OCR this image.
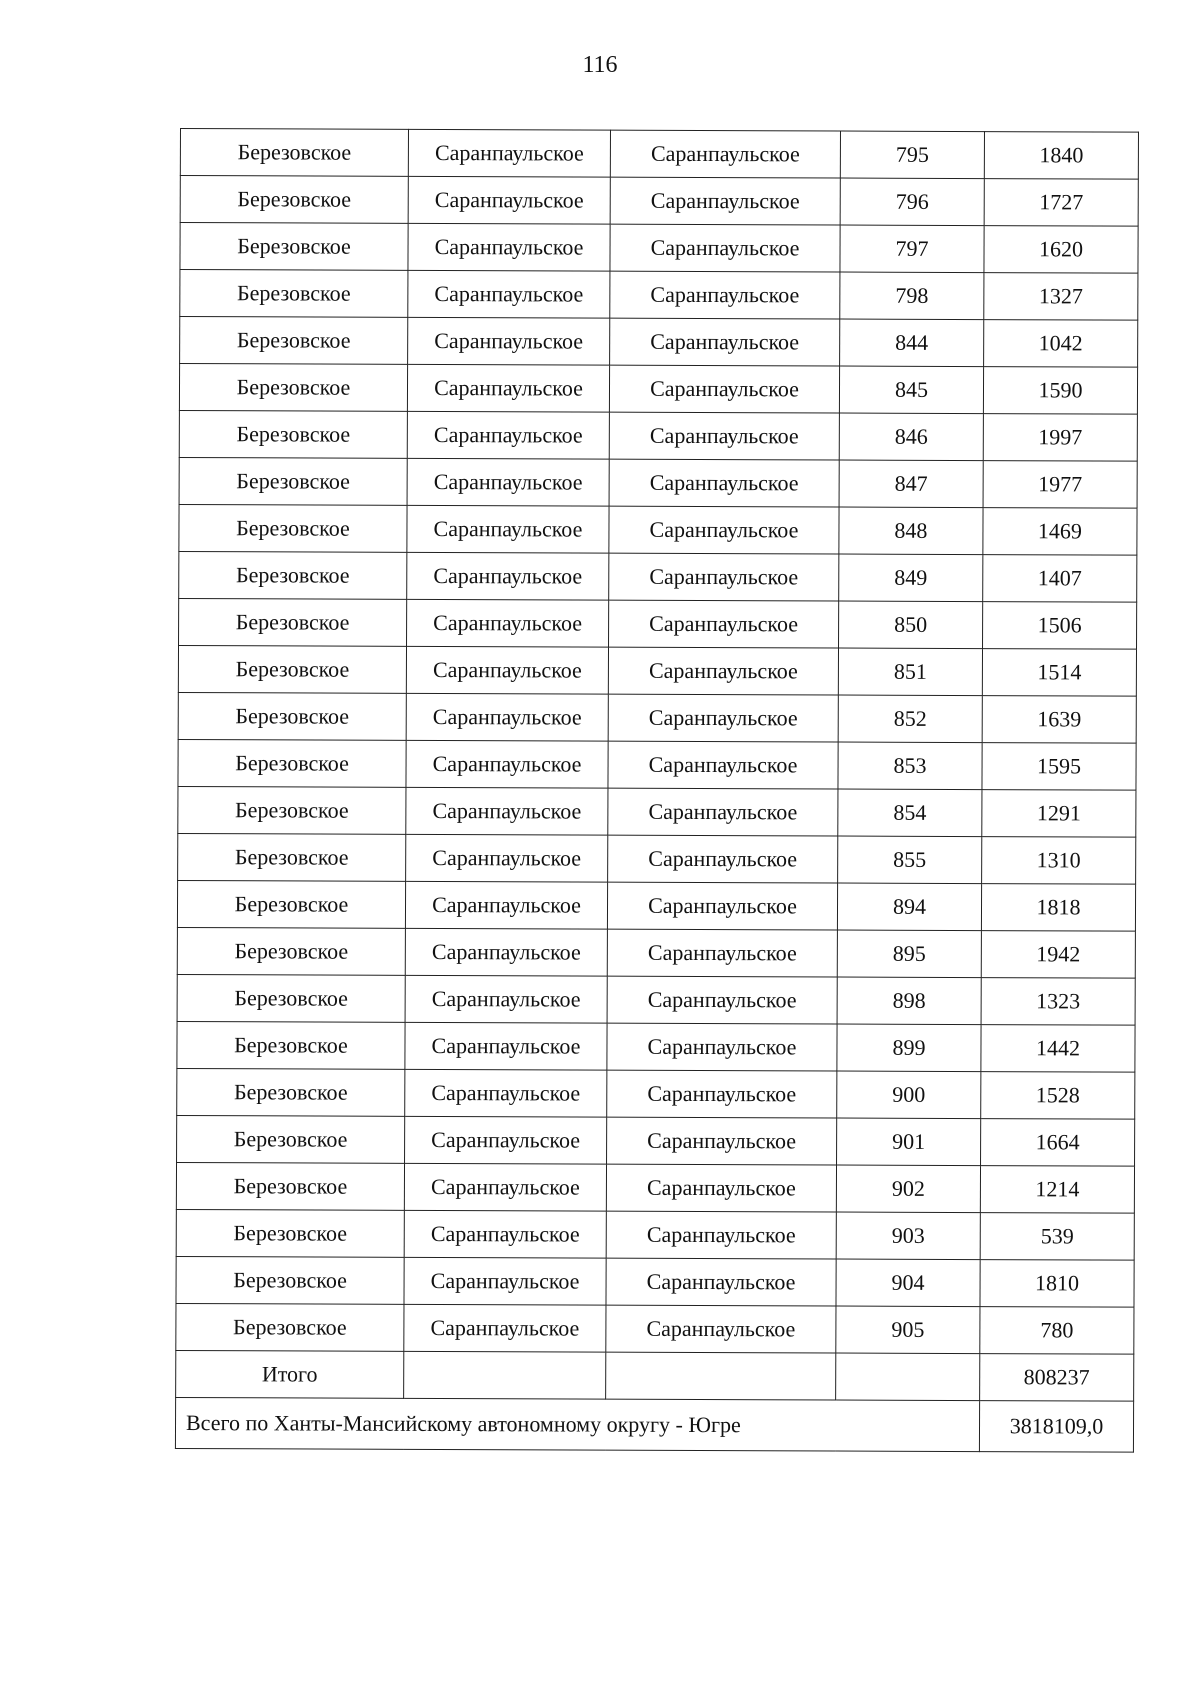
116
Березовское	Саранпаульское	Саранпаульское	795	1840
Березовское	Саранпаульское	Саранпаульское	796	1727
Березовское	Саранпаульское	Саранпаульское	797	1620
Березовское	Саранпаульское	Саранпаульское	798	1327
Березовское	Саранпаульское	Саранпаульское	844	1042
Березовское	Саранпаульское	Саранпаульское	845	1590
Березовское	Саранпаульское	Саранпаульское	846	1997
Березовское	Саранпаульское	Саранпаульское	847	1977
Березовское	Саранпаульское	Саранпаульское	848	1469
Березовское	Саранпаульское	Саранпаульское	849	1407
Березовское	Саранпаульское	Саранпаульское	850	1506
Березовское	Саранпаульское	Саранпаульское	851	1514
Березовское	Саранпаульское	Саранпаульское	852	1639
Березовское	Саранпаульское	Саранпаульское	853	1595
Березовское	Саранпаульское	Саранпаульское	854	1291
Березовское	Саранпаульское	Саранпаульское	855	1310
Березовское	Саранпаульское	Саранпаульское	894	1818
Березовское	Саранпаульское	Саранпаульское	895	1942
Березовское	Саранпаульское	Саранпаульское	898	1323
Березовское	Саранпаульское	Саранпаульское	899	1442
Березовское	Саранпаульское	Саранпаульское	900	1528
Березовское	Саранпаульское	Саранпаульское	901	1664
Березовское	Саранпаульское	Саранпаульское	902	1214
Березовское	Саранпаульское	Саранпаульское	903	539
Березовское	Саранпаульское	Саранпаульское	904	1810
Березовское	Саранпаульское	Саранпаульское	905	780
Итого				808237
Всего по Ханты-Мансийскому автономному округу - Югре				3818109,0
